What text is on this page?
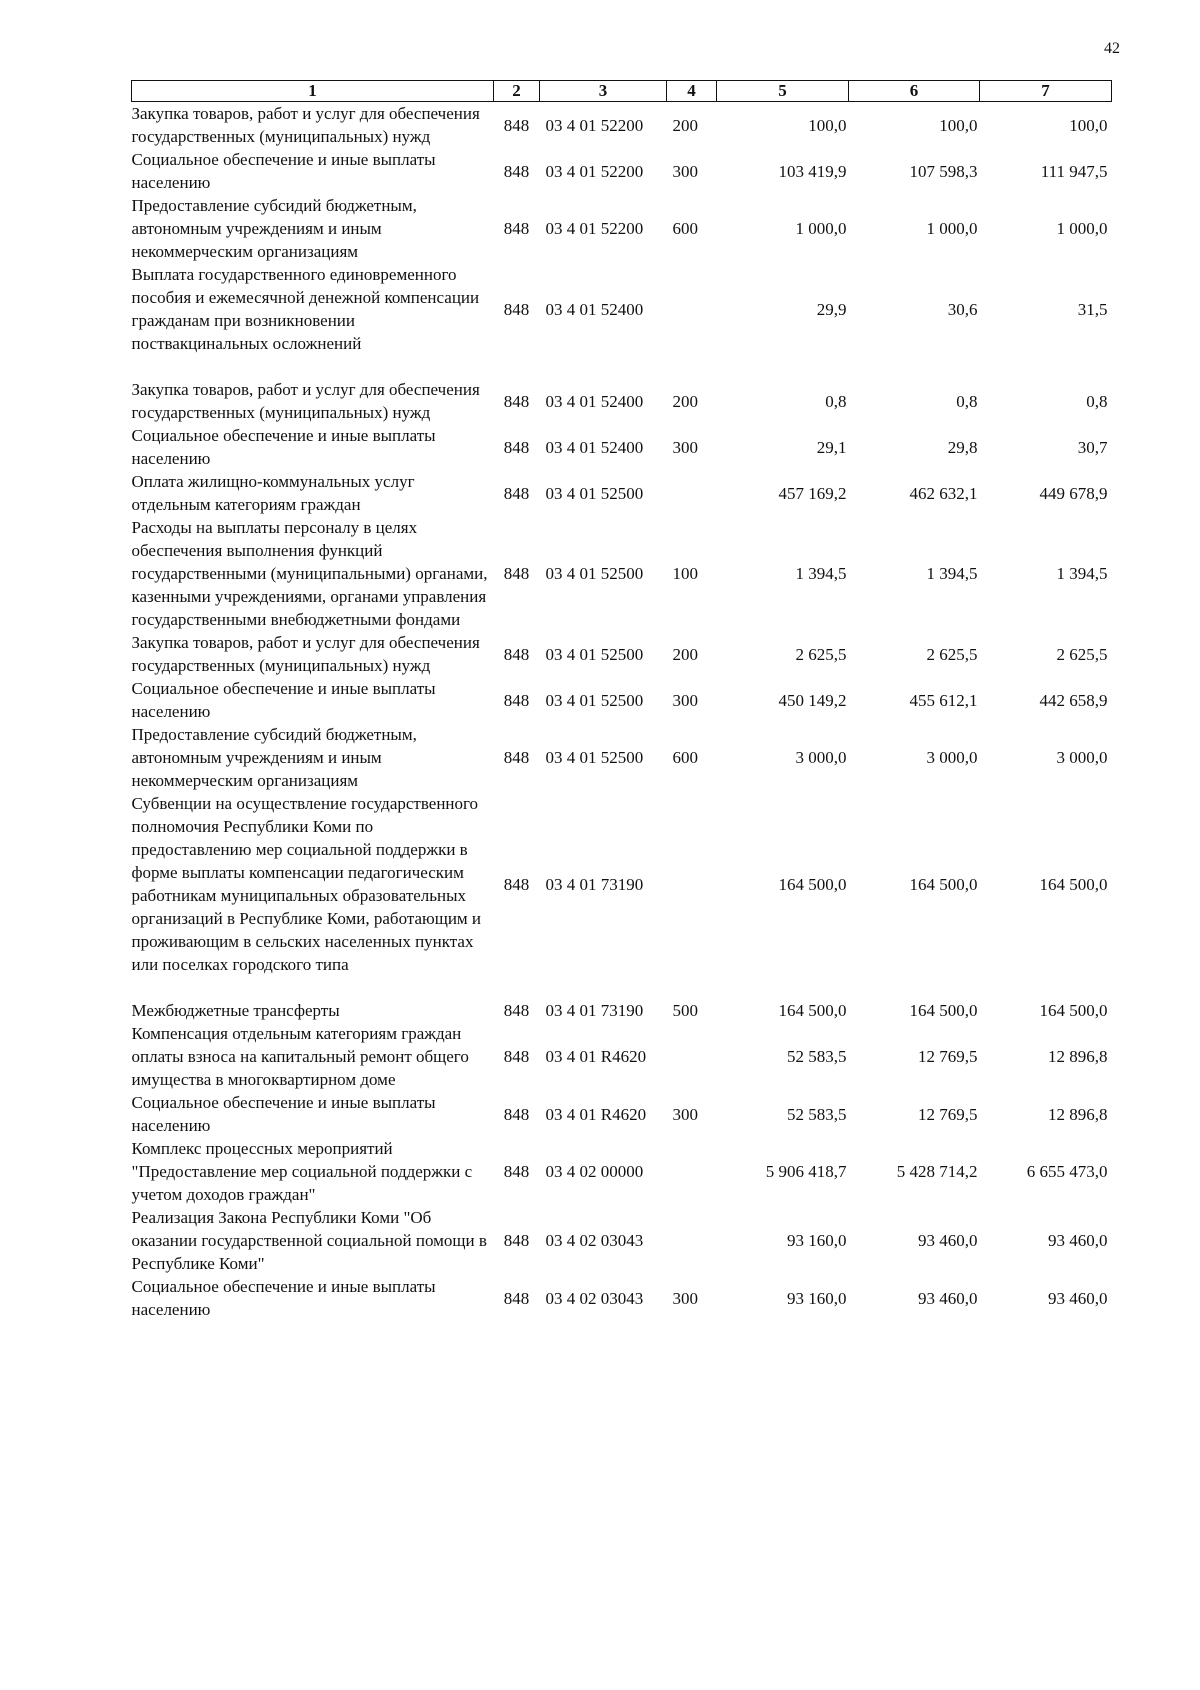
42
1	2	3	4	5	6	7
Закупка товаров, работ и услуг для обеспечения государственных (муниципальных) нужд	848	03 4 01 52200	200	100,0	100,0	100,0
Социальное обеспечение и иные выплаты населению	848	03 4 01 52200	300	103 419,9	107 598,3	111 947,5
Предоставление субсидий бюджетным, автономным учреждениям и иным некоммерческим организациям	848	03 4 01 52200	600	1 000,0	1 000,0	1 000,0
Выплата государственного единовременного пособия и ежемесячной денежной компенсации гражданам при возникновении поствакцинальных осложнений	848	03 4 01 52400		29,9	30,6	31,5
Закупка товаров, работ и услуг для обеспечения государственных (муниципальных) нужд	848	03 4 01 52400	200	0,8	0,8	0,8
Социальное обеспечение и иные выплаты населению	848	03 4 01 52400	300	29,1	29,8	30,7
Оплата жилищно-коммунальных услуг отдельным категориям граждан	848	03 4 01 52500		457 169,2	462 632,1	449 678,9
Расходы на выплаты персоналу в целях обеспечения выполнения функций государственными (муниципальными) органами, казенными учреждениями, органами управления государственными внебюджетными фондами	848	03 4 01 52500	100	1 394,5	1 394,5	1 394,5
Закупка товаров, работ и услуг для обеспечения государственных (муниципальных) нужд	848	03 4 01 52500	200	2 625,5	2 625,5	2 625,5
Социальное обеспечение и иные выплаты населению	848	03 4 01 52500	300	450 149,2	455 612,1	442 658,9
Предоставление субсидий бюджетным, автономным учреждениям и иным некоммерческим организациям	848	03 4 01 52500	600	3 000,0	3 000,0	3 000,0
Субвенции на осуществление государственного полномочия Республики Коми по предоставлению мер социальной поддержки в форме выплаты компенсации педагогическим работникам муниципальных образовательных организаций в Республике Коми, работающим и проживающим в сельских населенных пунктах или поселках городского типа	848	03 4 01 73190		164 500,0	164 500,0	164 500,0
Межбюджетные трансферты	848	03 4 01 73190	500	164 500,0	164 500,0	164 500,0
Компенсация отдельным категориям граждан оплаты взноса на капитальный ремонт общего имущества в многоквартирном доме	848	03 4 01 R4620		52 583,5	12 769,5	12 896,8
Социальное обеспечение и иные выплаты населению	848	03 4 01 R4620	300	52 583,5	12 769,5	12 896,8
Комплекс процессных мероприятий "Предоставление мер социальной поддержки с учетом доходов граждан"	848	03 4 02 00000		5 906 418,7	5 428 714,2	6 655 473,0
Реализация Закона Республики Коми "Об оказании государственной социальной помощи в Республике Коми"	848	03 4 02 03043		93 160,0	93 460,0	93 460,0
Социальное обеспечение и иные выплаты населению	848	03 4 02 03043	300	93 160,0	93 460,0	93 460,0
